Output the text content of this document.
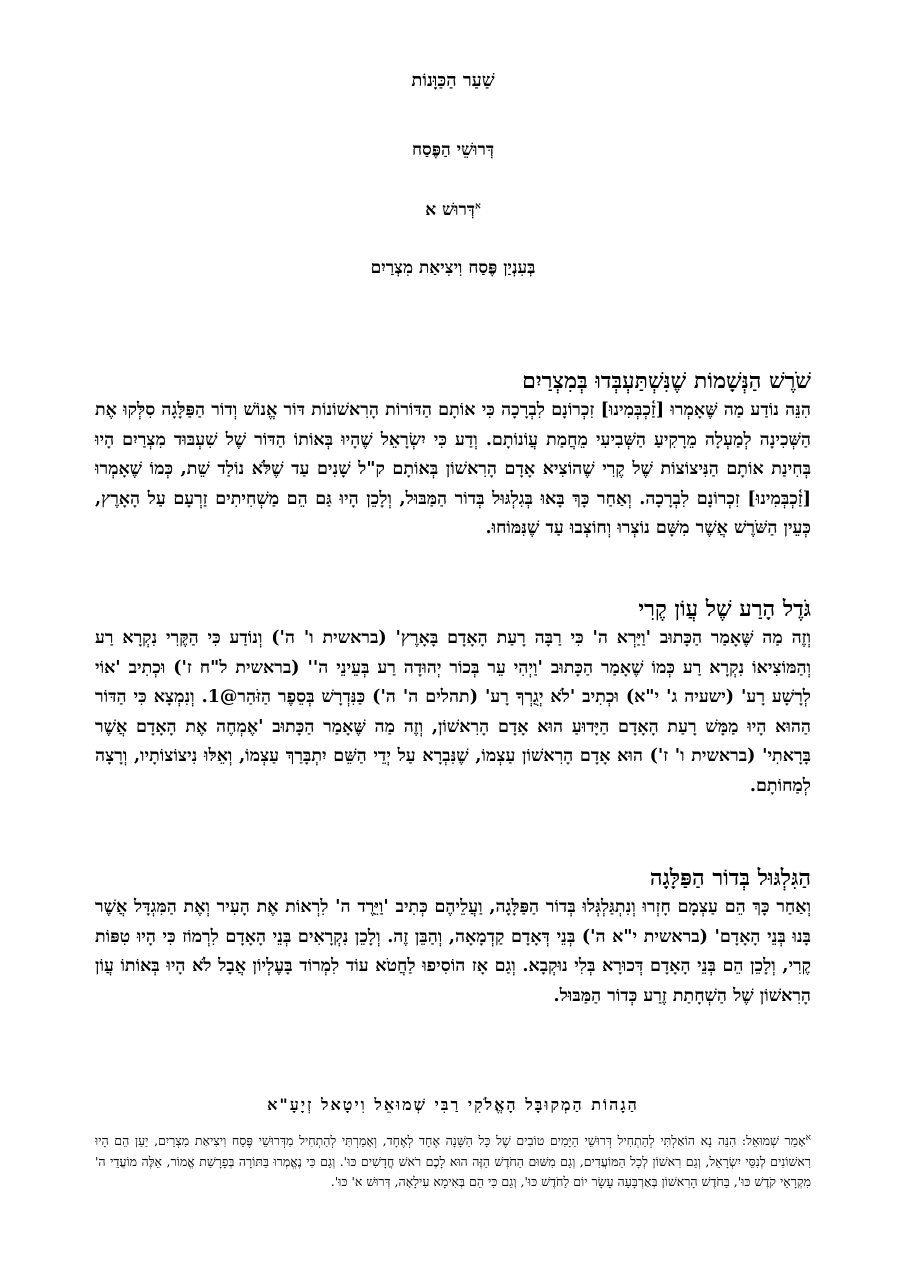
שַׁעַר הַכַּוָּנוֹת
דְּרוּשֵׁי הַפֶּסַח
$^א$דְּרוּשׁ א
בְּעִנְיַן פֶּסַח וִיצִיאַת מִצְרַיִם

שֹׁרֶשׁ הַנְּשָׁמוֹת שֶׁנִּשְׁתַּעְבְּדוּ בְּמִצְרַיִם

הִנֵּה נוֹדַע מַה שֶּׁאָמְרוּ [זַ֫כְבְּמִינוּ] זִכְרוֹנָם לִבְרָכָה כִּי אוֹתָם הַדּוֹרוֹת הָרִאשׁוֹנוֹת דּוֹר אֱנוֹשׁ וְדוֹר הַפַּלָּגָה סִלְּקוּ אֶת הַשְּׁכִינָה לְמַעְלָה מֵרָקִיעַ הַשְּׁבִיעִי מֵחֲמַת עֲוֹנוֹתָם. וְדַע כִּי יִשְׂרָאֵל שֶׁהָיוּ בְּאוֹתוֹ הַדּוֹר שֶׁל שִׁעְבּוּד מִצְרַיִם הָיוּ בְּחִינַת אוֹתָם הַנִּיצוֹצוֹת שֶׁל קֶרִי שֶׁהוֹצִיא אָדָם הָרִאשׁוֹן בְּאוֹתָם ק"ל שָׁנִים עַד שֶׁלֹּא נוֹלַד שֵׁת, כְּמוֹ שֶׁאָמְרוּ [זַ֫כְבְּמִינוּ] זִכְרוֹנָם לִבְרָכָה. וְאַחַר כָּךְ בָּאוּ בְּגִלְגּוּל בְּדוֹר הַמַּבּוּל, וְלָכֵן הָיוּ גַּם הֵם מַשְׁחִיתִים זַרְעָם עַל הָאָרֶץ, כְּעֵין הַשֹּׁרֶשׁ אֲשֶׁר מִשָּׁם נוֹצְרוּ וְחוֹצְבוּ עַד שֶׁנִּמּוֹחוּ.

גֹּדֶל הָרַע שֶׁל עֲוֹן קֶרִי

וְזֶה מַה שֶּׁאָמַר הַכָּתוּב 'וַיַּרְא ה' כִּי רַבָּה רָעַת הָאָדָם בָּאָרֶץ' (בראשית ו' ה') וְנוֹדַע כִּי הַקֶּרִי נִקְרָא רַע וְהַמּוֹצִיאוֹ נִקְרָא רַע כְּמוֹ שֶׁאָמַר הַכָּתוּב 'וַיְהִי עֵר בְּכוֹר יְהוּדָה רַע בְּעֵינֵי ה'' (בראשית ל"ח ז') וּכְתִיב 'אוֹי לְרָשָׁע רָע' (ישעיה ג' י"א) וּכְתִיב 'לֹא יְגֻרְךָ רָע' (תהלים ה' ה') כַּנִּדְרָשׁ בְּסֵפֶר הַזֹּהַר@1. וְנִמְצָא כִּי הַדּוֹר הַהוּא הָיוּ מַמָּשׁ רָעַת הָאָדָם הַיָּדוּעַ הוּא אָדָם הָרִאשׁוֹן, וְזֶה מַה שֶּׁאָמַר הַכָּתוּב 'אֶמְחֶה אֶת הָאָדָם אֲשֶׁר בָּרָאתִי' (בראשית ו' ז') הוּא אָדָם הָרִאשׁוֹן עַצְמוֹ, שֶׁנִּבְרָא עַל יְדֵי הַשֵּׁם יִתְבָּרַךְ עַצְמוֹ, וְאֵלּוּ נִיצוֹצוֹתָיו, וְרָצָה לְמַחוֹתָם.

הַגִּלְגּוּל בְּדוֹר הַפַּלָּגָה

וְאַחַר כָּךְ הֵם עַצְמָם חָזְרוּ וְנִתְגַּלְגְּלוּ בְּדוֹר הַפַּלָּגָה, וַעֲלֵיהֶם כְּתִיב 'וַיֵּרֶד ה' לִרְאוֹת אֶת הָעִיר וְאֶת הַמִּגְדָּל אֲשֶׁר בָּנוּ בְּנֵי הָאָדָם' (בראשית י"א ה') בְּנֵי דְּאָדָם קַדְמָאָה, וְהַבֵּן זֶה. וְלָכֵן נִקְרָאִים בְּנֵי הָאָדָם לִרְמוֹז כִּי הָיוּ טִפּוֹת קֶרִי, וְלָכֵן הֵם בְּנֵי הָאָדָם דְּכוּרָא בְּלִי נוּקְבָא. וְגַם אָז הוֹסִיפוּ לַחֲטֹא עוֹד לִמְרוֹד בָּעֶלְיוֹן אֲבָל לֹא הָיוּ בְּאוֹתוֹ עֲוֹן הָרִאשׁוֹן שֶׁל הַשְׁחָתַת זֶרַע כְּדוֹר הַמַּבּוּל.

הַגָהוֹת הַמְקוּבָּל הָאֱלֹקִי רַבִּי שְׁמוּאֵל וִיטָאל זְיָעָ"א
$^א$אָמַר שְׁמוּאֵל: הִנֵּה נָא הוֹאַלְתִּי לְהַתְחִיל דְּרוּשֵׁי הַיָּמִים טוֹבִים שֶׁל כָּל הַשָּׁנָה אֶחָד לְאֶחָד, וְאָמַרְתִּי לְהַתְחִיל מִדְּרוּשֵׁי פֶּסַח וִיצִיאַת מִצְרַיִם, יַעַן הֵם הָיוּ רִאשׁוֹנִים לְנִסֵּי יִשְׂרָאֵל, וְגַם רִאשׁוֹן לְכָל הַמּוֹעֲדִים, וְגַם מִשּׁוּם הַחֹדֶשׁ הַזֶּה הוּא לָכֶם רֹאשׁ חֳדָשִׁים כּוּ'. וְגַם כִּי נֶאֱמְרוּ בַּתּוֹרָה בְּפָרָשַׁת אֱמוֹר, אֵלֶּה מוֹעֲדֵי ה' מִקְרָאֵי קֹדֶשׁ כּוּ', בַּחֹדֶשׁ הָרִאשׁוֹן בְּאַרְבָּעָה עָשָׂר יוֹם לַחֹדֶשׁ כּוּ', וְגַם כִּי הֵם בְּאִימָא עִילָאָה, דְּרוּשׁ א' כּוּ'.
